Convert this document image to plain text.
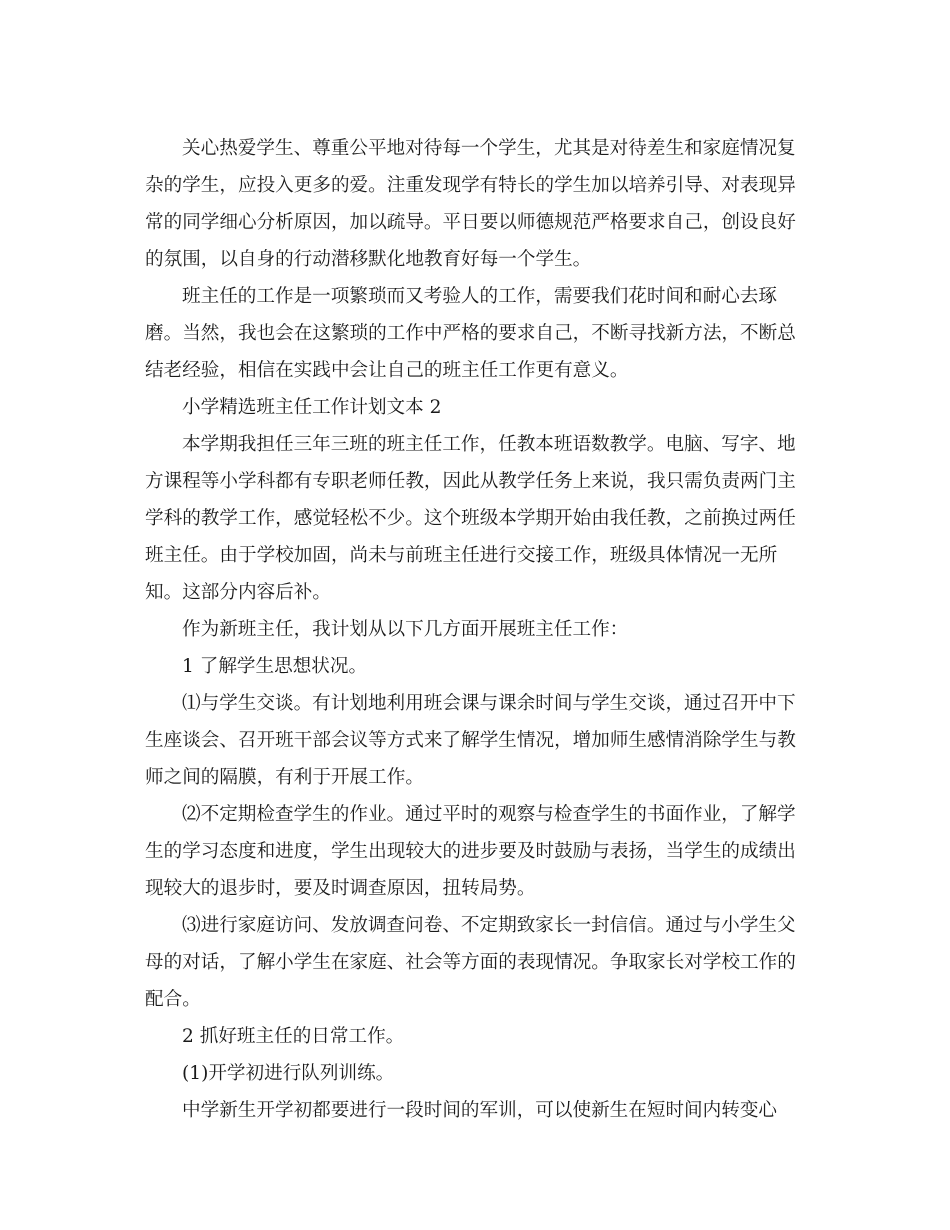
关心热爱学生、尊重公平地对待每一个学生，尤其是对待差生和家庭情况复

杂的学生，应投入更多的爱。注重发现学有特长的学生加以培养引导、对表现异

常的同学细心分析原因，加以疏导。平日要以师德规范严格要求自己，创设良好

的氛围，以自身的行动潜移默化地教育好每一个学生。

班主任的工作是一项繁琐而又考验人的工作，需要我们花时间和耐心去琢

磨。当然，我也会在这繁琐的工作中严格的要求自己，不断寻找新方法，不断总

结老经验，相信在实践中会让自己的班主任工作更有意义。

小学精选班主任工作计划文本 2

本学期我担任三年三班的班主任工作，任教本班语数教学。电脑、写字、地

方课程等小学科都有专职老师任教，因此从教学任务上来说，我只需负责两门主

学科的教学工作，感觉轻松不少。这个班级本学期开始由我任教，之前换过两任

班主任。由于学校加固，尚未与前班主任进行交接工作，班级具体情况一无所

知。这部分内容后补。

作为新班主任，我计划从以下几方面开展班主任工作：

1 了解学生思想状况。

⑴与学生交谈。有计划地利用班会课与课余时间与学生交谈，通过召开中下

生座谈会、召开班干部会议等方式来了解学生情况，增加师生感情消除学生与教

师之间的隔膜，有利于开展工作。

⑵不定期检查学生的作业。通过平时的观察与检查学生的书面作业，了解学

生的学习态度和进度，学生出现较大的进步要及时鼓励与表扬，当学生的成绩出

现较大的退步时，要及时调查原因，扭转局势。

⑶进行家庭访问、发放调查问卷、不定期致家长一封信信。通过与小学生父

母的对话，了解小学生在家庭、社会等方面的表现情况。争取家长对学校工作的

配合。

2 抓好班主任的日常工作。

(1)开学初进行队列训练。

中学新生开学初都要进行一段时间的军训，可以使新生在短时间内转变心
